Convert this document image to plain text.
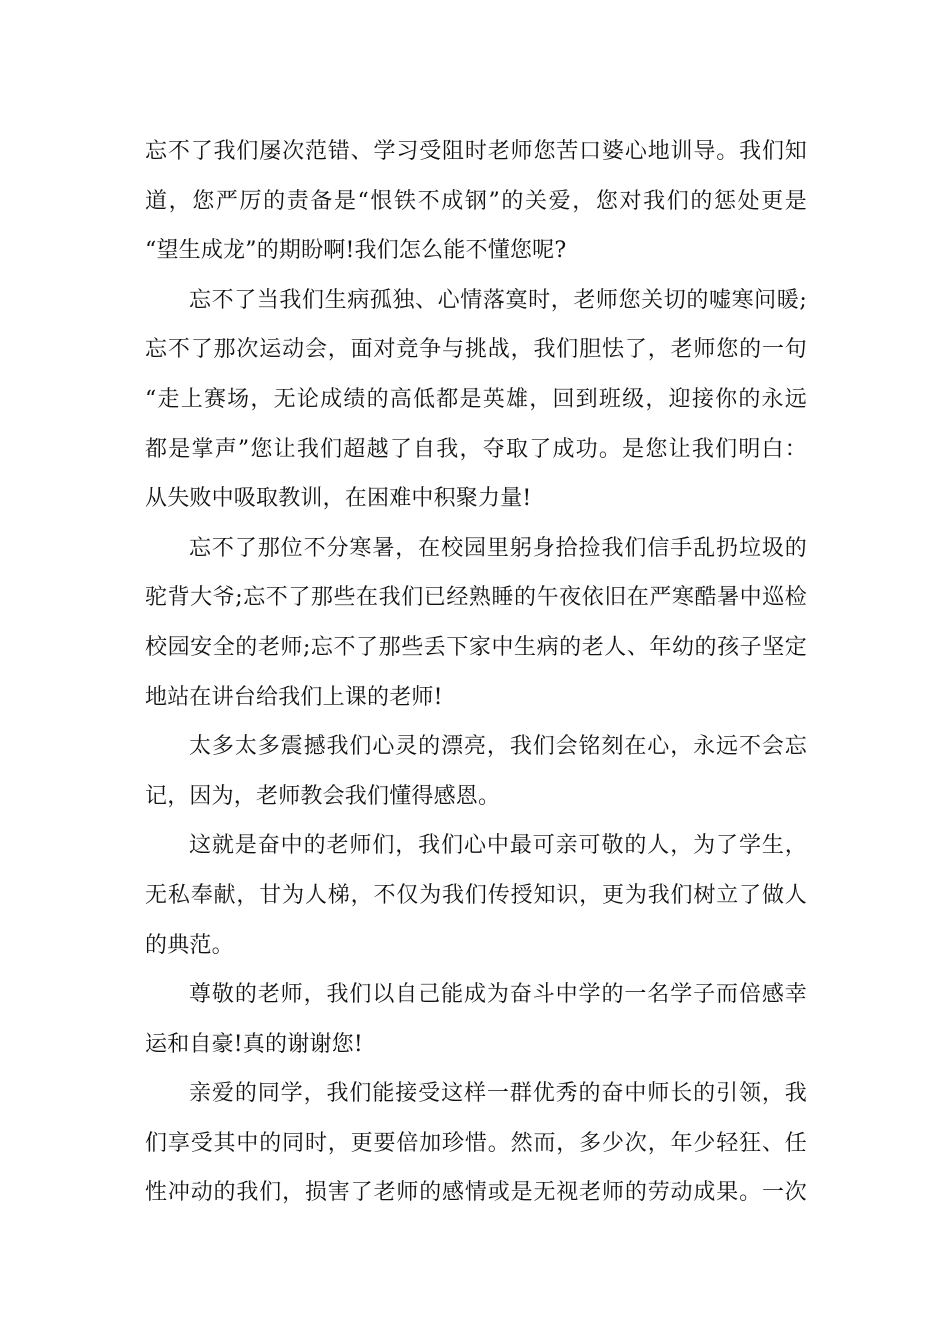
忘不了我们屡次范错、学习受阻时老师您苦口婆心地训导。我们知
道，您严厉的责备是“恨铁不成钢”的关爱，您对我们的惩处更是
“望生成龙”的期盼啊!我们怎么能不懂您呢?

忘不了当我们生病孤独、心情落寞时，老师您关切的嘘寒问暖;
忘不了那次运动会，面对竞争与挑战，我们胆怯了，老师您的一句
“走上赛场，无论成绩的高低都是英雄，回到班级，迎接你的永远
都是掌声”您让我们超越了自我，夺取了成功。是您让我们明白：
从失败中吸取教训，在困难中积聚力量!

忘不了那位不分寒暑，在校园里躬身拾捡我们信手乱扔垃圾的
驼背大爷;忘不了那些在我们已经熟睡的午夜依旧在严寒酷暑中巡检
校园安全的老师;忘不了那些丢下家中生病的老人、年幼的孩子坚定
地站在讲台给我们上课的老师!

太多太多震撼我们心灵的漂亮，我们会铭刻在心，永远不会忘
记，因为，老师教会我们懂得感恩。

这就是奋中的老师们，我们心中最可亲可敬的人，为了学生，
无私奉献，甘为人梯，不仅为我们传授知识，更为我们树立了做人
的典范。

尊敬的老师，我们以自己能成为奋斗中学的一名学子而倍感幸
运和自豪!真的谢谢您!

亲爱的同学，我们能接受这样一群优秀的奋中师长的引领，我
们享受其中的同时，更要倍加珍惜。然而，多少次，年少轻狂、任
性冲动的我们，损害了老师的感情或是无视老师的劳动成果。一次
